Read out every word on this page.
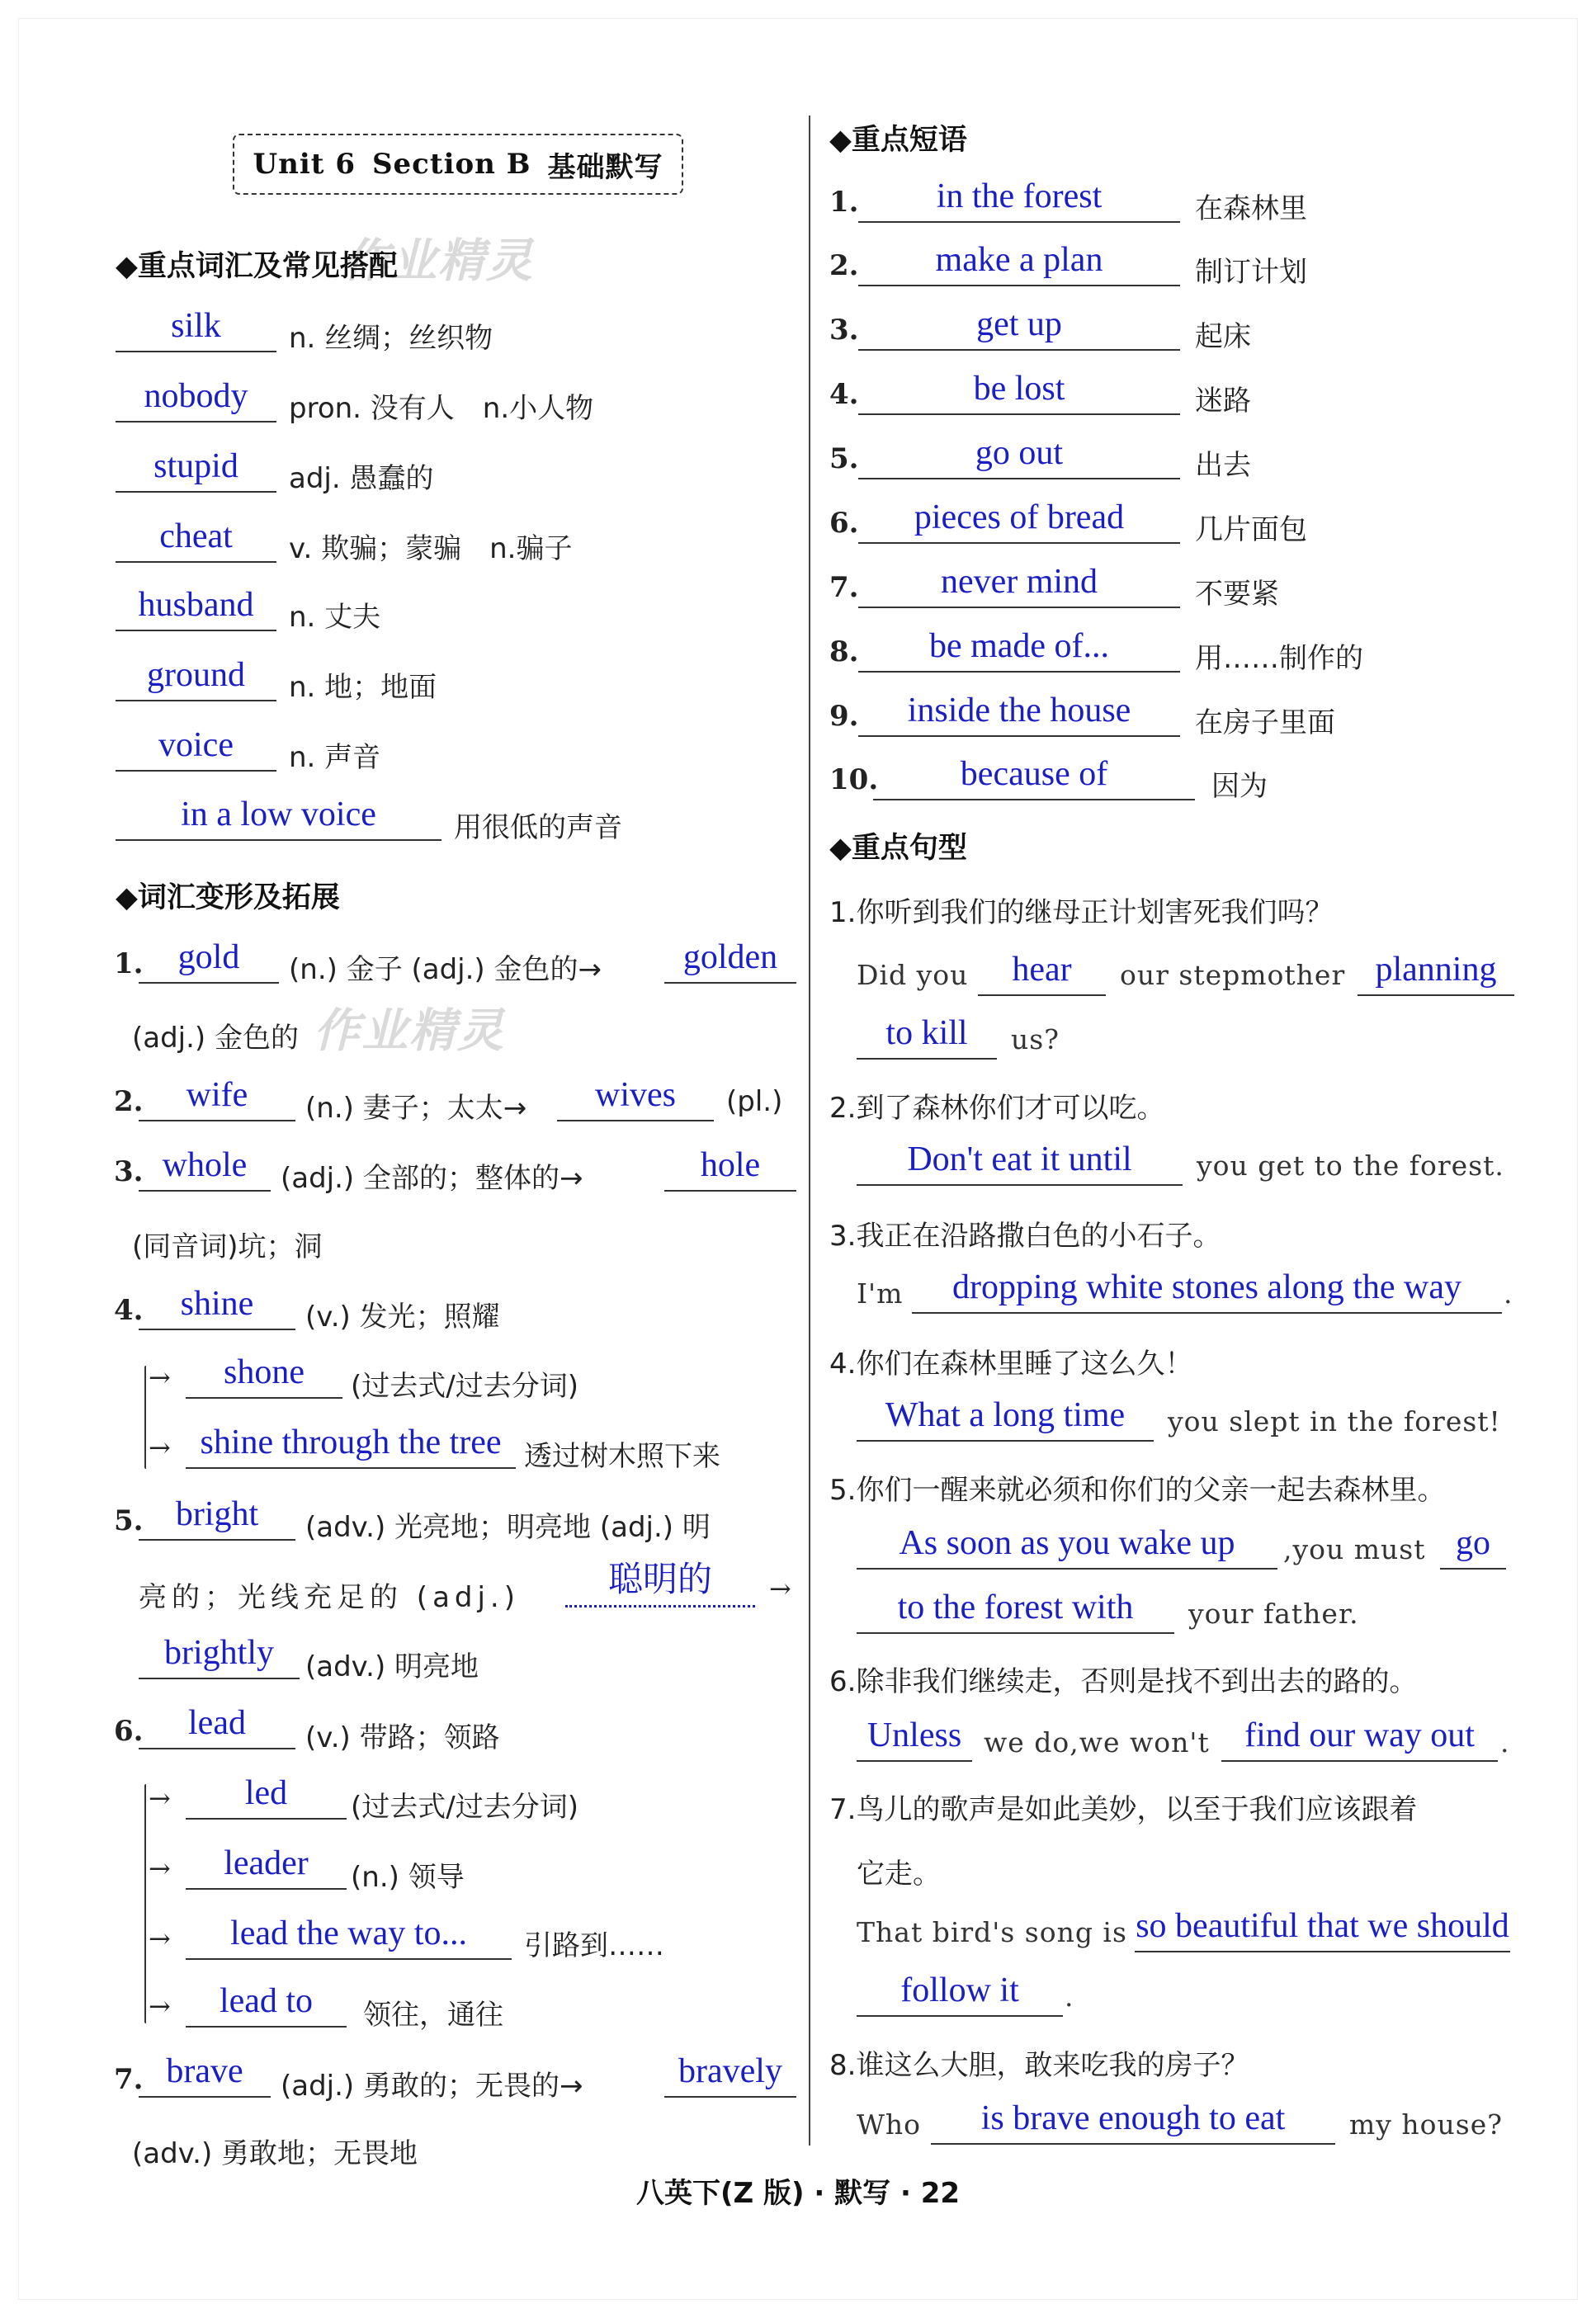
Unit 6 Section B 基础默写
作业精灵
作业精灵
◆重点词汇及常见搭配
silk	n. 丝绸；丝织物
nobody	pron. 没有人　n.小人物
stupid	adj. 愚蠢的
cheat	v. 欺骗；蒙骗　n.骗子
husband	n. 丈夫
ground	n. 地；地面
voice	n. 声音
in a low voice	用很低的声音
◆词汇变形及拓展
1.	gold	(n.) 金子 (adj.) 金色的→	golden
(adj.) 金色的
2.	wife	(n.) 妻子；太太→	wives	(pl.)
3. whole	(adj.) 全部的；整体的→	hole
(同音词)坑；洞
4.	shine	(v.) 发光；照耀
→	shone	(过去式/过去分词)
→ shine through the tree 透过树木照下来
5. bright	(adv.) 光亮地；明亮地 (adj.) 明
亮的；光线充足的 (adj.)	聪明的	→
brightly	(adv.) 明亮地
6.	lead	(v.) 带路；领路
→	led	(过去式/过去分词)
→	leader	(n.) 领导
→	lead the way to...	引路到……
→	lead to	领往，通往
7. brave	(adj.) 勇敢的；无畏的→	bravely
(adv.) 勇敢地；无畏地
◆重点短语
1.	in the forest	在森林里
2.	make a plan	制订计划
3.	get up	起床
4.	be lost	迷路
5.	go out	出去
6.	pieces of bread	几片面包
7.	never mind	不要紧
8.	be made of...	用……制作的
9.	inside the house	在房子里面
10.	because of	因为
◆重点句型
1.你听到我们的继母正计划害死我们吗？
Did you	hear	our stepmother planning
to kill	us?
2.到了森林你们才可以吃。
Don't eat it until	you get to the forest.
3.我正在沿路撒白色的小石子。
I'm	dropping white stones along the way	.
4.你们在森林里睡了这么久！
What a long time	you slept in the forest!
5.你们一醒来就必须和你们的父亲一起去森林里。
As soon as you wake up	,you must go
to the forest with	your father.
6.除非我们继续走，否则是找不到出去的路的。
Unless we do,we won't	find our way out .
7.鸟儿的歌声是如此美妙，以至于我们应该跟着
它走。
That bird's song is so beautiful that we should
follow it	.
8.谁这么大胆，敢来吃我的房子？
Who	is brave enough to eat	my house?
八英下(Z 版) · 默写 · 22
